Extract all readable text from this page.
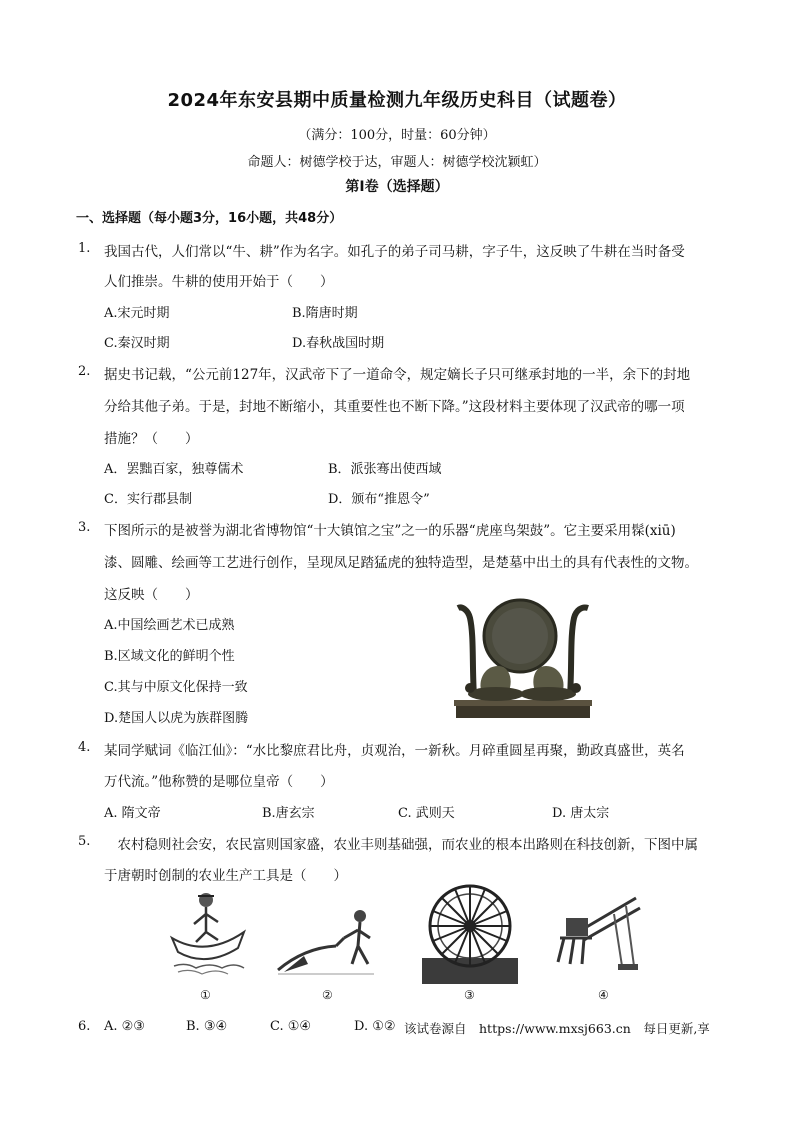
2024年东安县期中质量检测九年级历史科目（试题卷）
（满分：100分，时量：60分钟）
命题人：树德学校于达，审题人：树德学校沈颖虹）
第Ⅰ卷（选择题）
一、选择题（每小题3分，16小题，共48分）
1. 我国古代，人们常以“牛、耕”作为名字。如孔子的弟子司马耕，字子牛，这反映了牛耕在当时备受
人们推崇。牛耕的使用开始于（　　）
A.宋元时期	B.隋唐时期
C.秦汉时期	D.春秋战国时期
2. 据史书记载，“公元前127年，汉武帝下了一道命令，规定嫡长子只可继承封地的一半，余下的封地
分给其他子弟。于是，封地不断缩小，其重要性也不断下降。”这段材料主要体现了汉武帝的哪一项
措施？（　　）
A．罢黜百家，独尊儒术	B．派张骞出使西域
C．实行郡县制	D．颁布“推恩令”
3. 下图所示的是被誉为湖北省博物馆“十大镇馆之宝”之一的乐器“虎座鸟架鼓”。它主要采用髹(xiū)
漆、圆雕、绘画等工艺进行创作，呈现凤足踏猛虎的独特造型，是楚墓中出土的具有代表性的文物。
这反映（　　）
A.中国绘画艺术已成熟
B.区域文化的鲜明个性
C.其与中原文化保持一致
D.楚国人以虎为族群图腾
4. 某同学赋词《临江仙》：“水比黎庶君比舟，贞观治，一新秋。月碎重圆星再聚，勤政真盛世，英名
万代流。”他称赞的是哪位皇帝（　　）
A. 隋文帝	B.唐玄宗	C. 武则天	D. 唐太宗
5. 　农村稳则社会安，农民富则国家盛，农业丰则基础强，而农业的根本出路则在科技创新，下图中属
于唐朝时创制的农业生产工具是（　　）
①	②	③	④
6. A. ②③	B. ③④	C. ①④	D. ①② 该试卷源自　https://www.mxsj663.cn　每日更新,享
